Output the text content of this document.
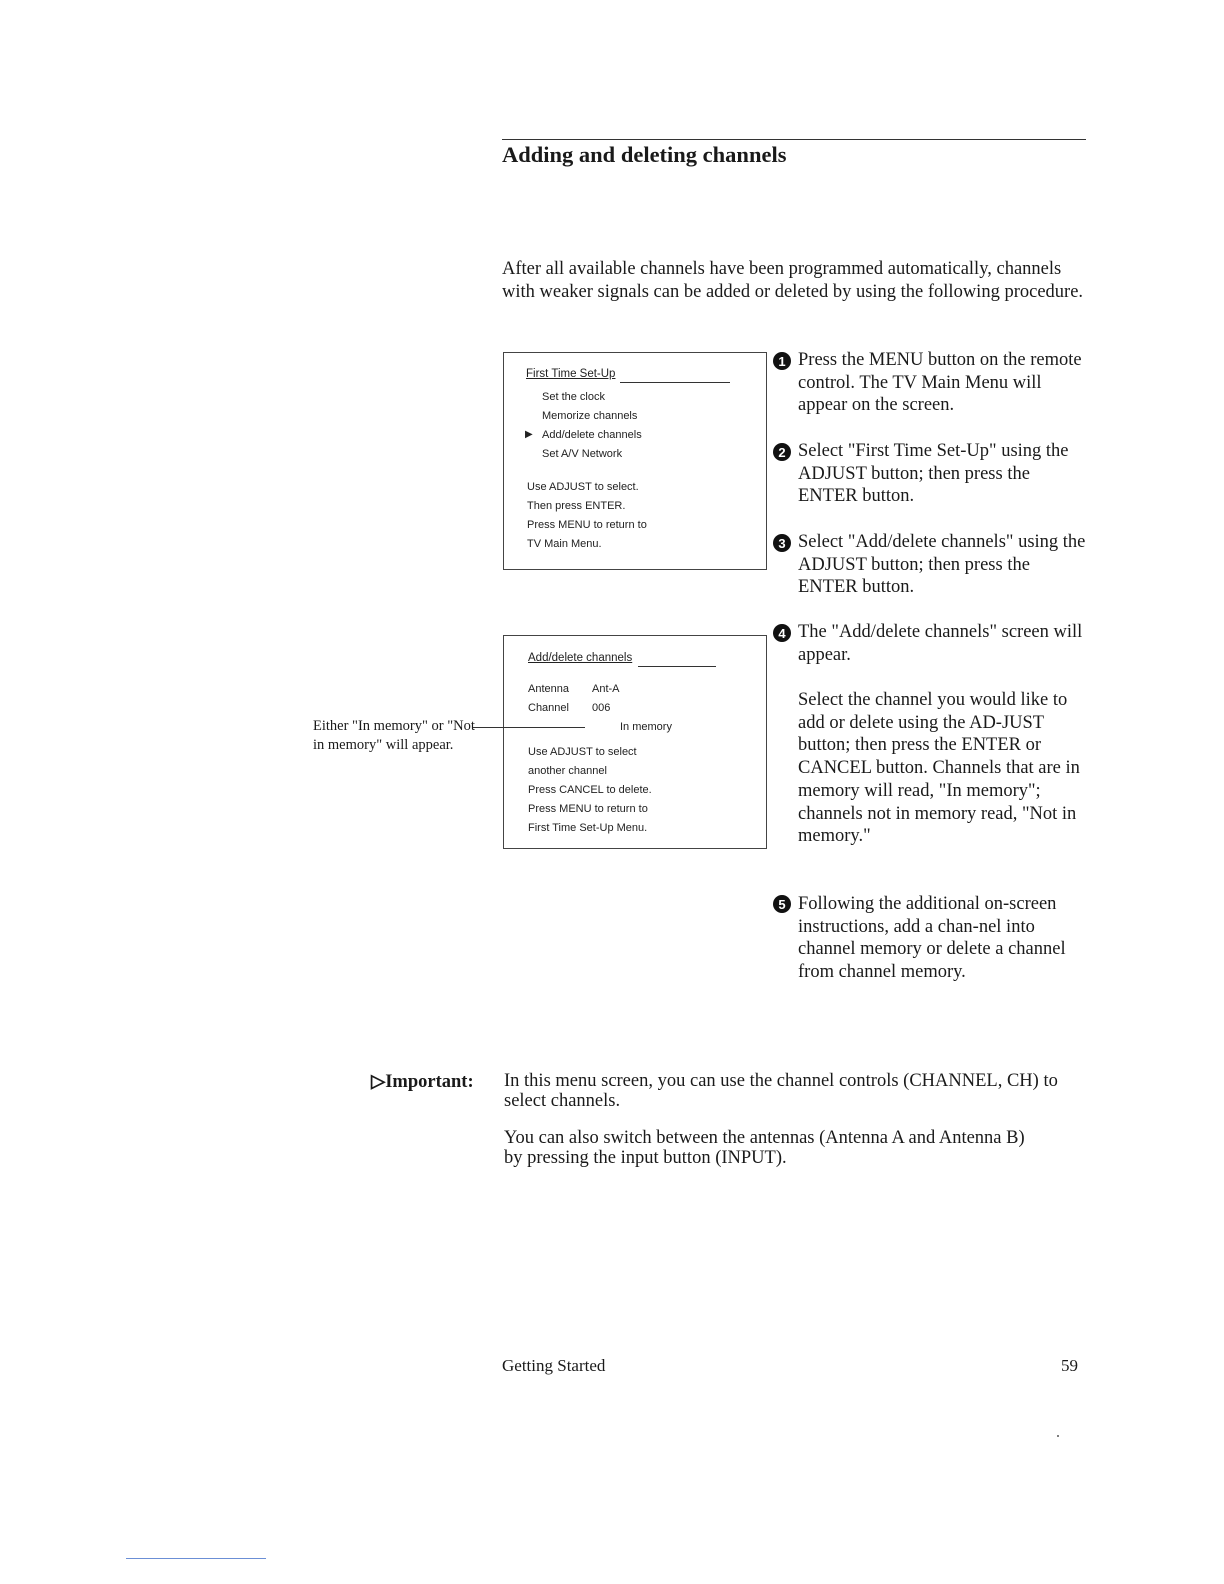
Adding and deleting channels

After all available channels have been programmed automatically, channels with weaker signals can be added or deleted by using the following procedure.

First Time Set-Up
Set the clock
Memorize channels
▶ Add/delete channels
Set A/V Network
Use ADJUST to select.
Then press ENTER.
Press MENU to return to
TV Main Menu.
Add/delete channels
Antenna Ant-A
Channel 006
In memory
Use ADJUST to select
another channel
Press CANCEL to delete.
Press MENU to return to
First Time Set-Up Menu.

Either "In memory" or "Not in memory" will appear.

1 Press the MENU button on the remote control. The TV Main Menu will appear on the screen.

2 Select "First Time Set-Up" using the ADJUST button; then press the ENTER button.

3 Select "Add/delete channels" using the ADJUST button; then press the ENTER button.

4 The "Add/delete channels" screen will appear.

Select the channel you would like to add or delete using the AD-JUST button; then press the ENTER or CANCEL button. Channels that are in memory will read, "In memory"; channels not in memory read, "Not in memory."

5 Following the additional on-screen instructions, add a chan-nel into channel memory or delete a channel from channel memory.

▷Important: In this menu screen, you can use the channel controls (CHANNEL, CH) to select channels.

You can also switch between the antennas (Antenna A and Antenna B) by pressing the input button (INPUT).

Getting Started	59
